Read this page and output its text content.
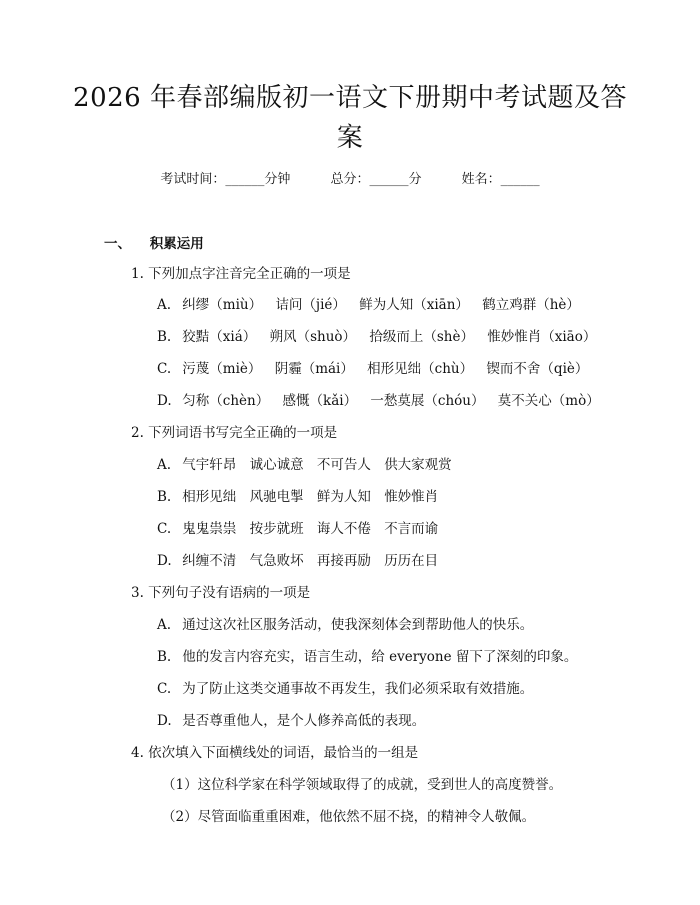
2026 年春部编版初一语文下册期中考试题及答案
考试时间：______分钟	总分：______分	姓名：______
一、 积累运用
1. 下列加点字注音完全正确的一项是
A. 纠缪（miù） 诘问（jié） 鲜为人知（xiān） 鹤立鸡群（hè）
B. 狡黠（xiá） 朔风（shuò） 拾级而上（shè） 惟妙惟肖（xiāo）
C. 污蔑（miè） 阴霾（mái） 相形见绌（chù） 锲而不舍（qiè）
D. 匀称（chèn） 感慨（kǎi） 一愁莫展（chóu） 莫不关心（mò）
2. 下列词语书写完全正确的一项是
A. 气宇轩昂 诚心诚意 不可告人 供大家观赏
B. 相形见绌 风驰电掣 鲜为人知 惟妙惟肖
C. 鬼鬼祟祟 按步就班 诲人不倦 不言而谕
D. 纠缠不清 气急败坏 再接再励 历历在目
3. 下列句子没有语病的一项是
A. 通过这次社区服务活动，使我深刻体会到帮助他人的快乐。
B. 他的发言内容充实，语言生动，给 everyone 留下了深刻的印象。
C. 为了防止这类交通事故不再发生，我们必须采取有效措施。
D. 是否尊重他人，是个人修养高低的表现。
4. 依次填入下面横线处的词语，最恰当的一组是
（1）这位科学家在科学领域取得了的成就，受到世人的高度赞誉。
（2）尽管面临重重困难，他依然不屈不挠，的精神令人敬佩。
